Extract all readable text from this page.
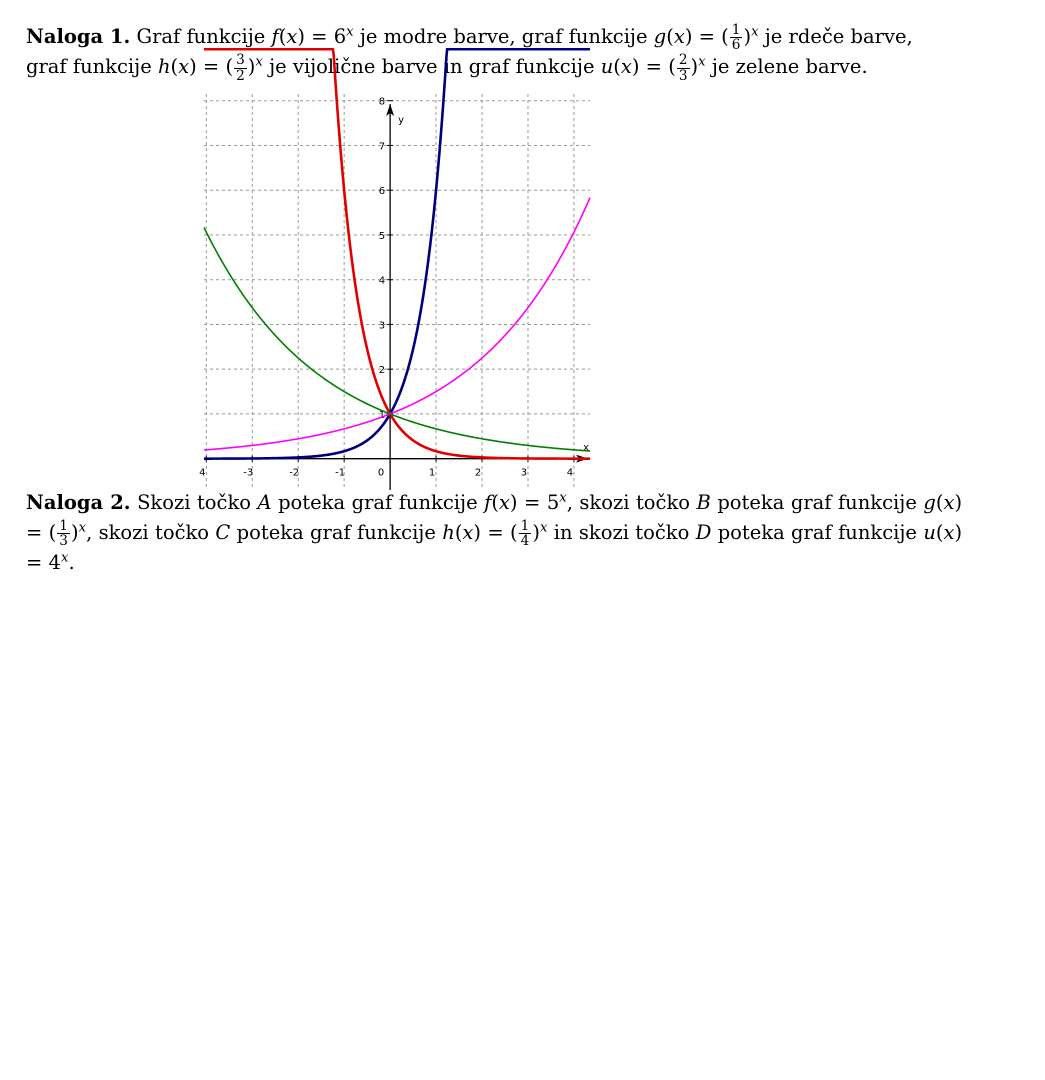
Naloga 1. Graf funkcije $f(x) = 6^x$ je modre barve, graf funkcije g(x) = ( $\frac{1}{6} )^x$ je rdeče barve,
graf funkcije h(x) = ( $\frac{3}{2} )^x$ je vijolične barve in graf funkcije u(x) = ( $\frac{2}{3} )^x$ je zelene barve.
x
y
4	-3	-2	-1	0	1	2	3	4
1
2
3
4
5
6
7
8
Naloga 2. Skozi točko A poteka graf funkcije $f(x) = 5^x$, skozi točko B poteka graf funkcije g(x) = ( $\frac{1}{3} )^x$, skozi točko C poteka graf funkcije h(x) = ( $\frac{1}{4} )^x$ in skozi točko D poteka graf funkcije $u(x) = 4^x$.
